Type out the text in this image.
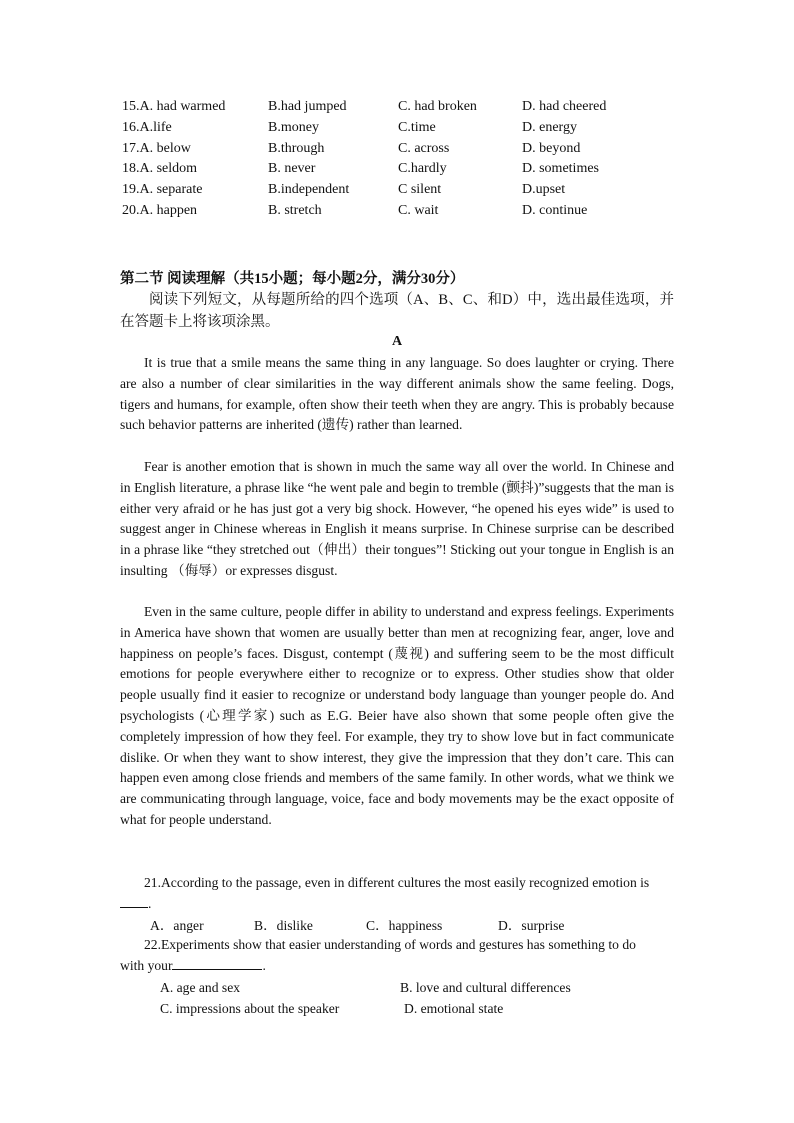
15.A. had warmed	B.had jumped	C. had broken	D. had cheered
16.A.life	B.money	C.time	D. energy
17.A. below	B.through	C. across	D. beyond
18.A. seldom	B. never	C.hardly	D. sometimes
19.A. separate	B.independent	C silent	D.upset
20.A. happen	B. stretch	C. wait	D. continue
第二节 阅读理解（共15小题；每小题2分，满分30分）
阅读下列短文，从每题所给的四个选项（A、B、C、和D）中，选出最佳选项，并在答题卡上将该项涂黑。
A

It is true that a smile means the same thing in any language. So does laughter or crying. There are also a number of clear similarities in the way different animals show the same feeling. Dogs, tigers and humans, for example, often show their teeth when they are angry. This is probably because such behavior patterns are inherited (遗传) rather than learned.

Fear is another emotion that is shown in much the same way all over the world. In Chinese and in English literature, a phrase like “he went pale and begin to tremble (颤抖)”suggests that the man is either very afraid or he has just got a very big shock. However, “he opened his eyes wide” is used to suggest anger in Chinese whereas in English it means surprise. In Chinese surprise can be described in a phrase like “they stretched out（伸出）their tongues”! Sticking out your tongue in English is an insulting （侮辱）or expresses disgust.

Even in the same culture, people differ in ability to understand and express feelings. Experiments in America have shown that women are usually better than men at recognizing fear, anger, love and happiness on people’s faces. Disgust, contempt (蔑视) and suffering seem to be the most difficult emotions for people everywhere either to recognize or to express. Other studies show that older people usually find it easier to recognize or understand body language than younger people do. And psychologists (心理学家) such as E.G. Beier have also shown that some people often give the completely impression of how they feel. For example, they try to show love but in fact communicate dislike. Or when they want to show interest, they give the impression that they don’t care. This can happen even among close friends and members of the same family. In other words, what we think we are communicating through language, voice, face and body movements may be the exact opposite of what for people understand.

21.According to the passage, even in different cultures the most easily recognized emotion is .
A．anger	B．dislike	C．happiness	D．surprise
22.Experiments show that easier understanding of words and gestures has something to do with your	.
A. age and sex	B. love and cultural differences
C. impressions about the speaker	D. emotional state
